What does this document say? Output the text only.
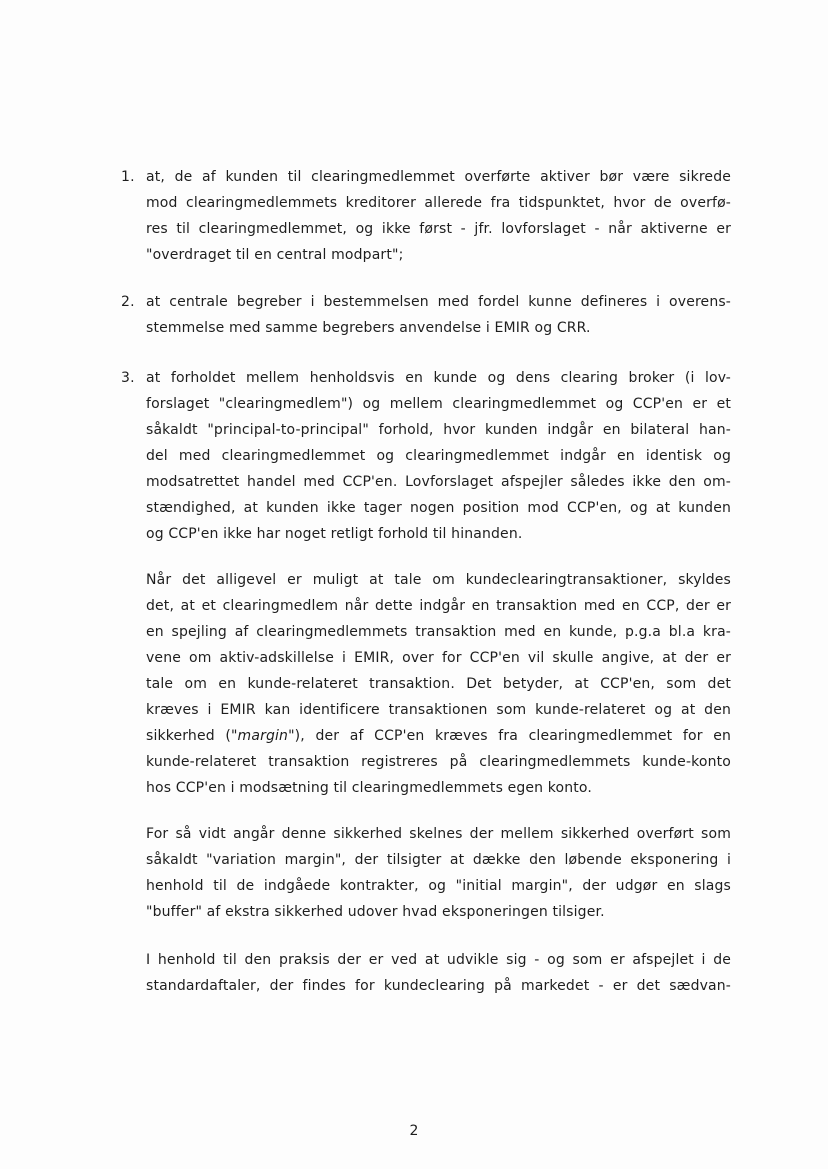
1. at, de af kunden til clearingmedlemmet overførte aktiver bør være sikrede
mod clearingmedlemmets kreditorer allerede fra tidspunktet, hvor de overfø-
res til clearingmedlemmet, og ikke først - jfr. lovforslaget - når aktiverne er
"overdraget til en central modpart";
2. at centrale begreber i bestemmelsen med fordel kunne defineres i overens-
stemmelse med samme begrebers anvendelse i EMIR og CRR.
3. at forholdet mellem henholdsvis en kunde og dens clearing broker (i lov-
forslaget "clearingmedlem") og mellem clearingmedlemmet og CCP'en er et
såkaldt "principal-to-principal" forhold, hvor kunden indgår en bilateral han-
del med clearingmedlemmet og clearingmedlemmet indgår en identisk og
modsatrettet handel med CCP'en. Lovforslaget afspejler således ikke den om-
stændighed, at kunden ikke tager nogen position mod CCP'en, og at kunden
og CCP'en ikke har noget retligt forhold til hinanden.
Når det alligevel er muligt at tale om kundeclearingtransaktioner, skyldes
det, at et clearingmedlem når dette indgår en transaktion med en CCP, der er
en spejling af clearingmedlemmets transaktion med en kunde, p.g.a bl.a kra-
vene om aktiv-adskillelse i EMIR, over for CCP'en vil skulle angive, at der er
tale om en kunde-relateret transaktion. Det betyder, at CCP'en, som det
kræves i EMIR kan identificere transaktionen som kunde-relateret og at den
sikkerhed ("margin"), der af CCP'en kræves fra clearingmedlemmet for en
kunde-relateret transaktion registreres på clearingmedlemmets kunde-konto
hos CCP'en i modsætning til clearingmedlemmets egen konto.
For så vidt angår denne sikkerhed skelnes der mellem sikkerhed overført som
såkaldt "variation margin", der tilsigter at dække den løbende eksponering i
henhold til de indgåede kontrakter, og "initial margin", der udgør en slags
"buffer" af ekstra sikkerhed udover hvad eksponeringen tilsiger.
I henhold til den praksis der er ved at udvikle sig - og som er afspejlet i de
standardaftaler, der findes for kundeclearing på markedet - er det sædvan-
2
